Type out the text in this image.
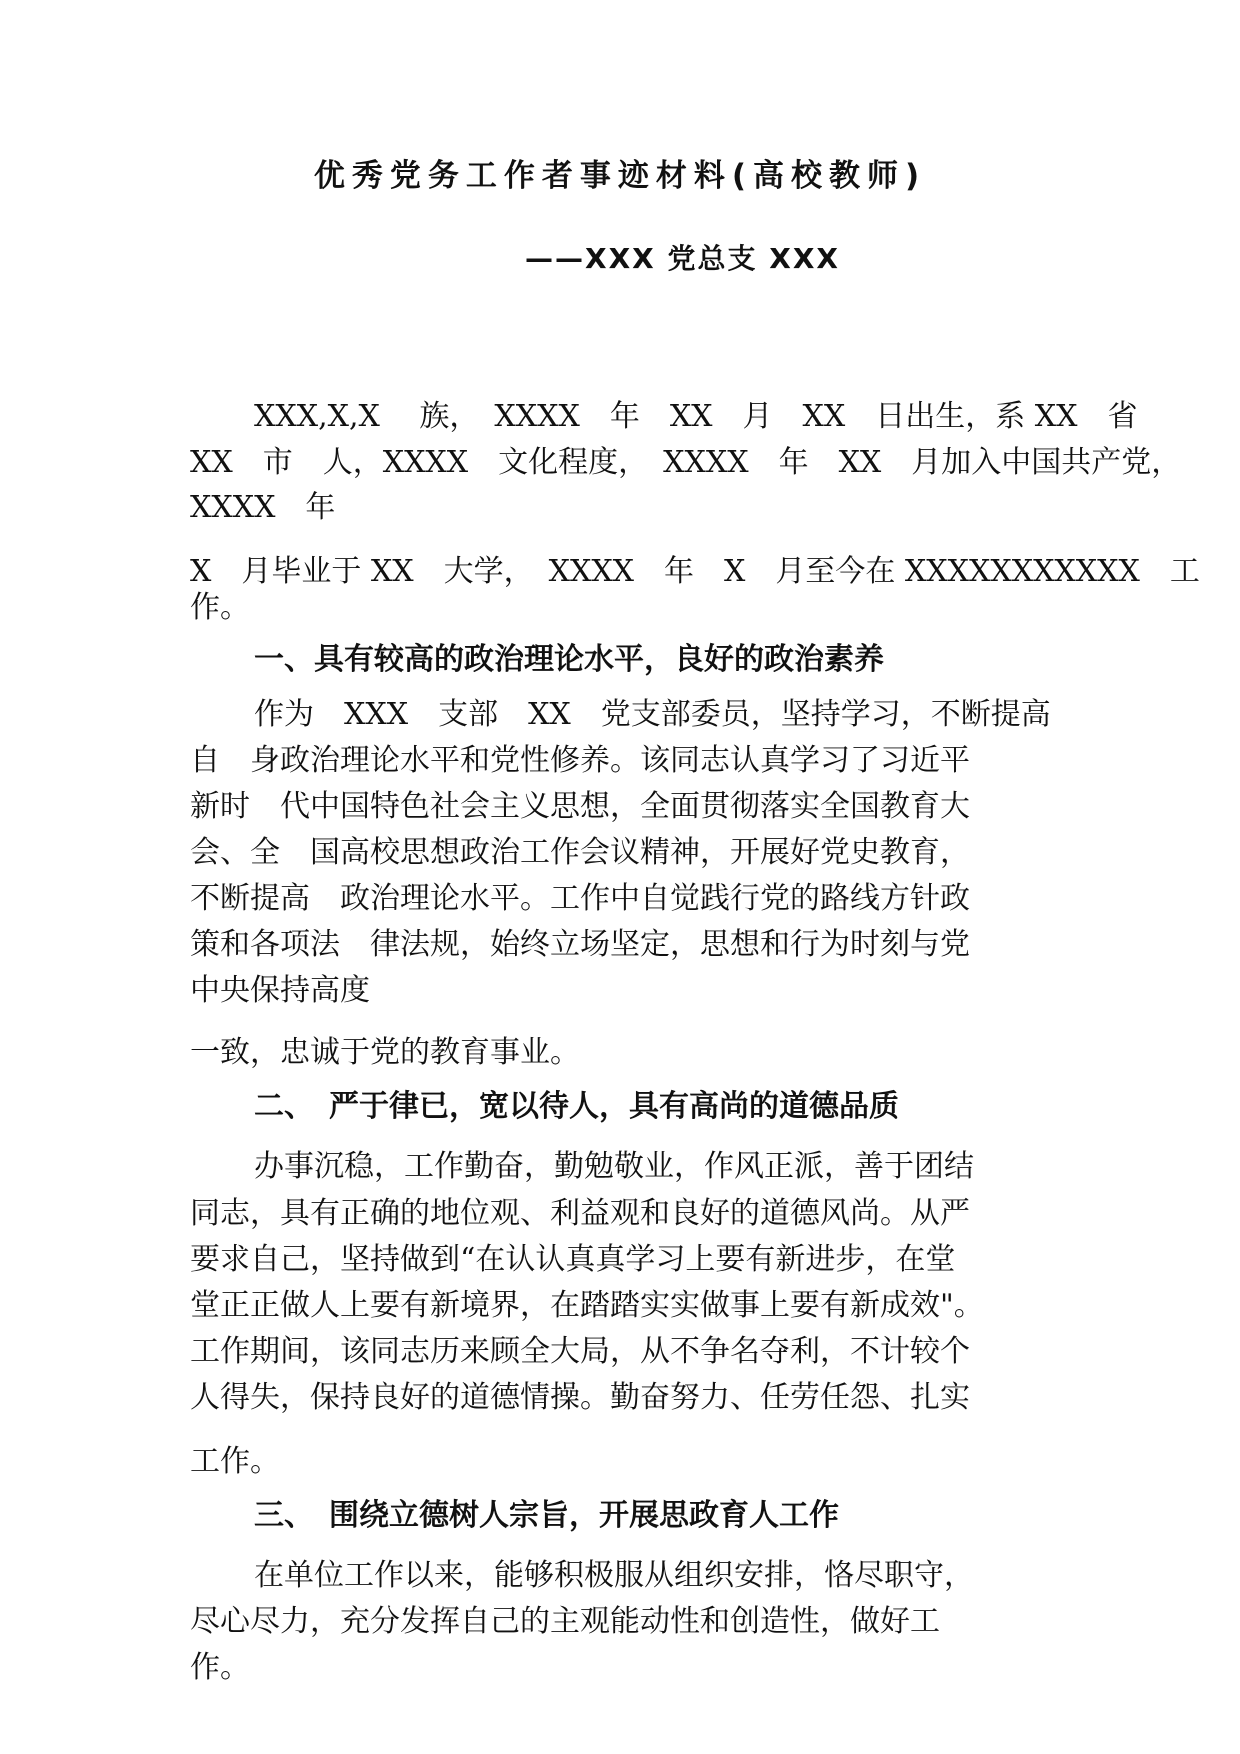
优秀党务工作者事迹材料(高校教师)

——XXX 党总支 XXX

XXX,X,X　 族，　XXXX　年　XX　月　XX　日出生，系 XX　省

XX　市　人，XXXX　文化程度，　XXXX　年　XX　月加入中国共产党，

XXXX　年

X　月毕业于 XX　大学，　XXXX　年　X　月至今在 XXXXXXXXXXX　工

作。

一、具有较高的政治理论水平，良好的政治素养

作为　XXX　支部　XX　党支部委员，坚持学习，不断提高

自　身政治理论水平和党性修养。该同志认真学习了习近平

新时　代中国特色社会主义思想，全面贯彻落实全国教育大

会、全　国高校思想政治工作会议精神，开展好党史教育，

不断提高　政治理论水平。工作中自觉践行党的路线方针政

策和各项法　律法规，始终立场坚定，思想和行为时刻与党

中央保持高度

一致，忠诚于党的教育事业。

二、　严于律已，宽以待人，具有高尚的道德品质

办事沉稳，工作勤奋，勤勉敬业，作风正派，善于团结

同志，具有正确的地位观、利益观和良好的道德风尚。从严

要求自己，坚持做到“在认认真真学习上要有新进步，在堂

堂正正做人上要有新境界，在踏踏实实做事上要有新成效"。

工作期间，该同志历来顾全大局，从不争名夺利，不计较个

人得失，保持良好的道德情操。勤奋努力、任劳任怨、扎实

工作。

三、　围绕立德树人宗旨，开展思政育人工作

在单位工作以来，能够积极服从组织安排，恪尽职守，

尽心尽力，充分发挥自己的主观能动性和创造性，做好工

作。
